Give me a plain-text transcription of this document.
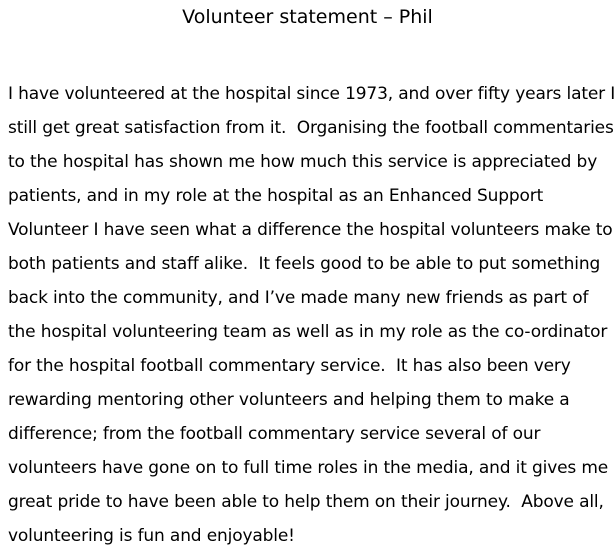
Volunteer statement – Phil
I have volunteered at the hospital since 1973, and over fifty years later I
still get great satisfaction from it.  Organising the football commentaries
to the hospital has shown me how much this service is appreciated by
patients, and in my role at the hospital as an Enhanced Support
Volunteer I have seen what a difference the hospital volunteers make to
both patients and staff alike.  It feels good to be able to put something
back into the community, and I’ve made many new friends as part of
the hospital volunteering team as well as in my role as the co-ordinator
for the hospital football commentary service.  It has also been very
rewarding mentoring other volunteers and helping them to make a
difference; from the football commentary service several of our
volunteers have gone on to full time roles in the media, and it gives me
great pride to have been able to help them on their journey.  Above all,
volunteering is fun and enjoyable!
